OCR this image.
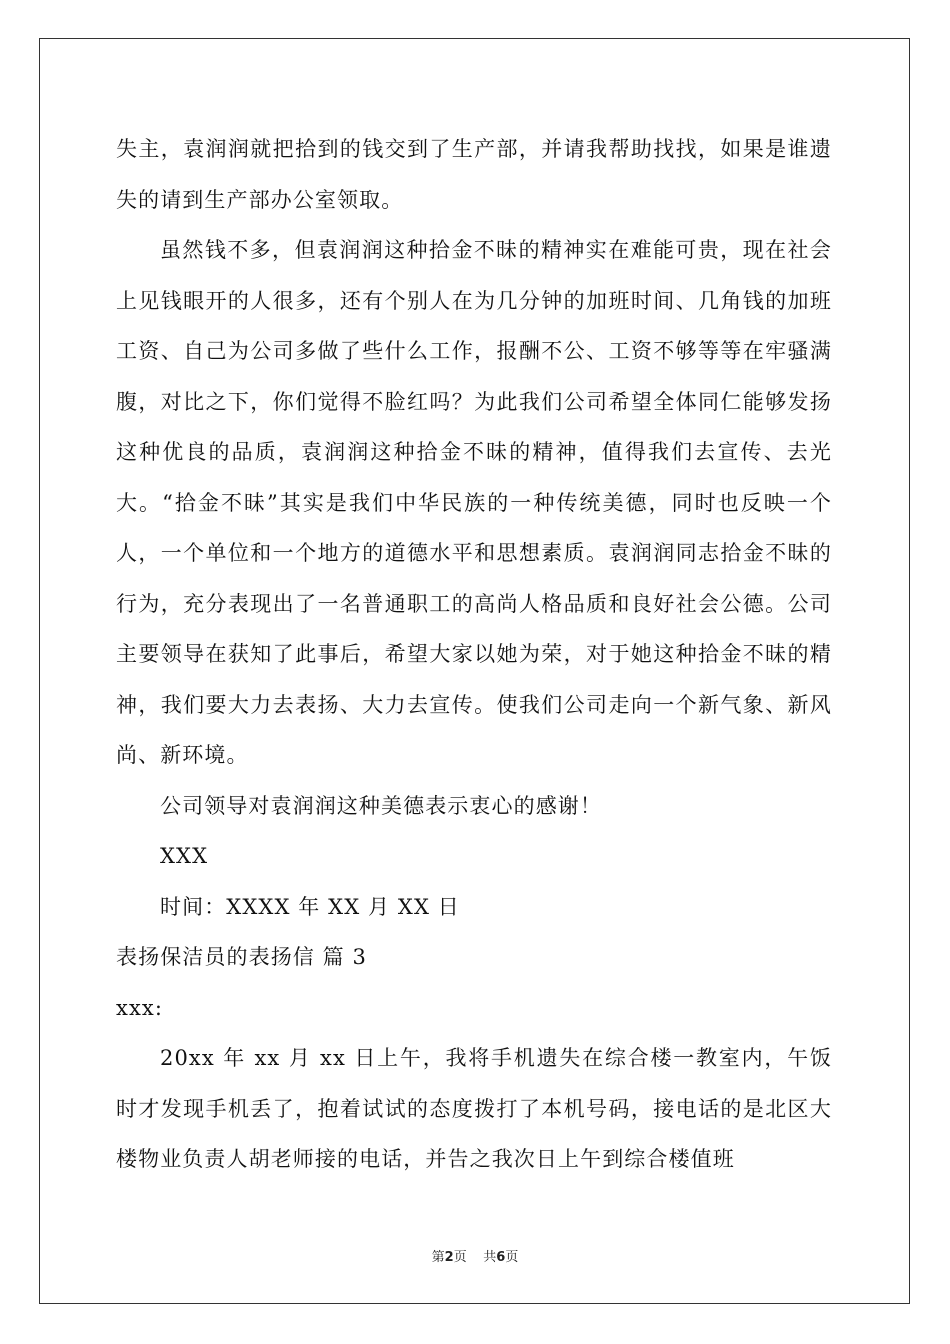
失主，袁润润就把拾到的钱交到了生产部，并请我帮助找找，如果是谁遗失的请到生产部办公室领取。

虽然钱不多，但袁润润这种拾金不昧的精神实在难能可贵，现在社会上见钱眼开的人很多，还有个别人在为几分钟的加班时间、几角钱的加班工资、自己为公司多做了些什么工作，报酬不公、工资不够等等在牢骚满腹，对比之下，你们觉得不脸红吗？为此我们公司希望全体同仁能够发扬这种优良的品质，袁润润这种拾金不昧的精神，值得我们去宣传、去光大。“拾金不昧”其实是我们中华民族的一种传统美德，同时也反映一个人，一个单位和一个地方的道德水平和思想素质。袁润润同志拾金不昧的行为，充分表现出了一名普通职工的高尚人格品质和良好社会公德。公司主要领导在获知了此事后，希望大家以她为荣，对于她这种拾金不昧的精神，我们要大力去表扬、大力去宣传。使我们公司走向一个新气象、新风尚、新环境。

公司领导对袁润润这种美德表示衷心的感谢！

XXX

时间：XXXX 年 XX 月 XX 日

表扬保洁员的表扬信 篇 3

xxx:

20xx 年 xx 月 xx 日上午，我将手机遗失在综合楼一教室内，午饭时才发现手机丢了，抱着试试的态度拨打了本机号码，接电话的是北区大楼物业负责人胡老师接的电话，并告之我次日上午到综合楼值班

第2页 共6页
